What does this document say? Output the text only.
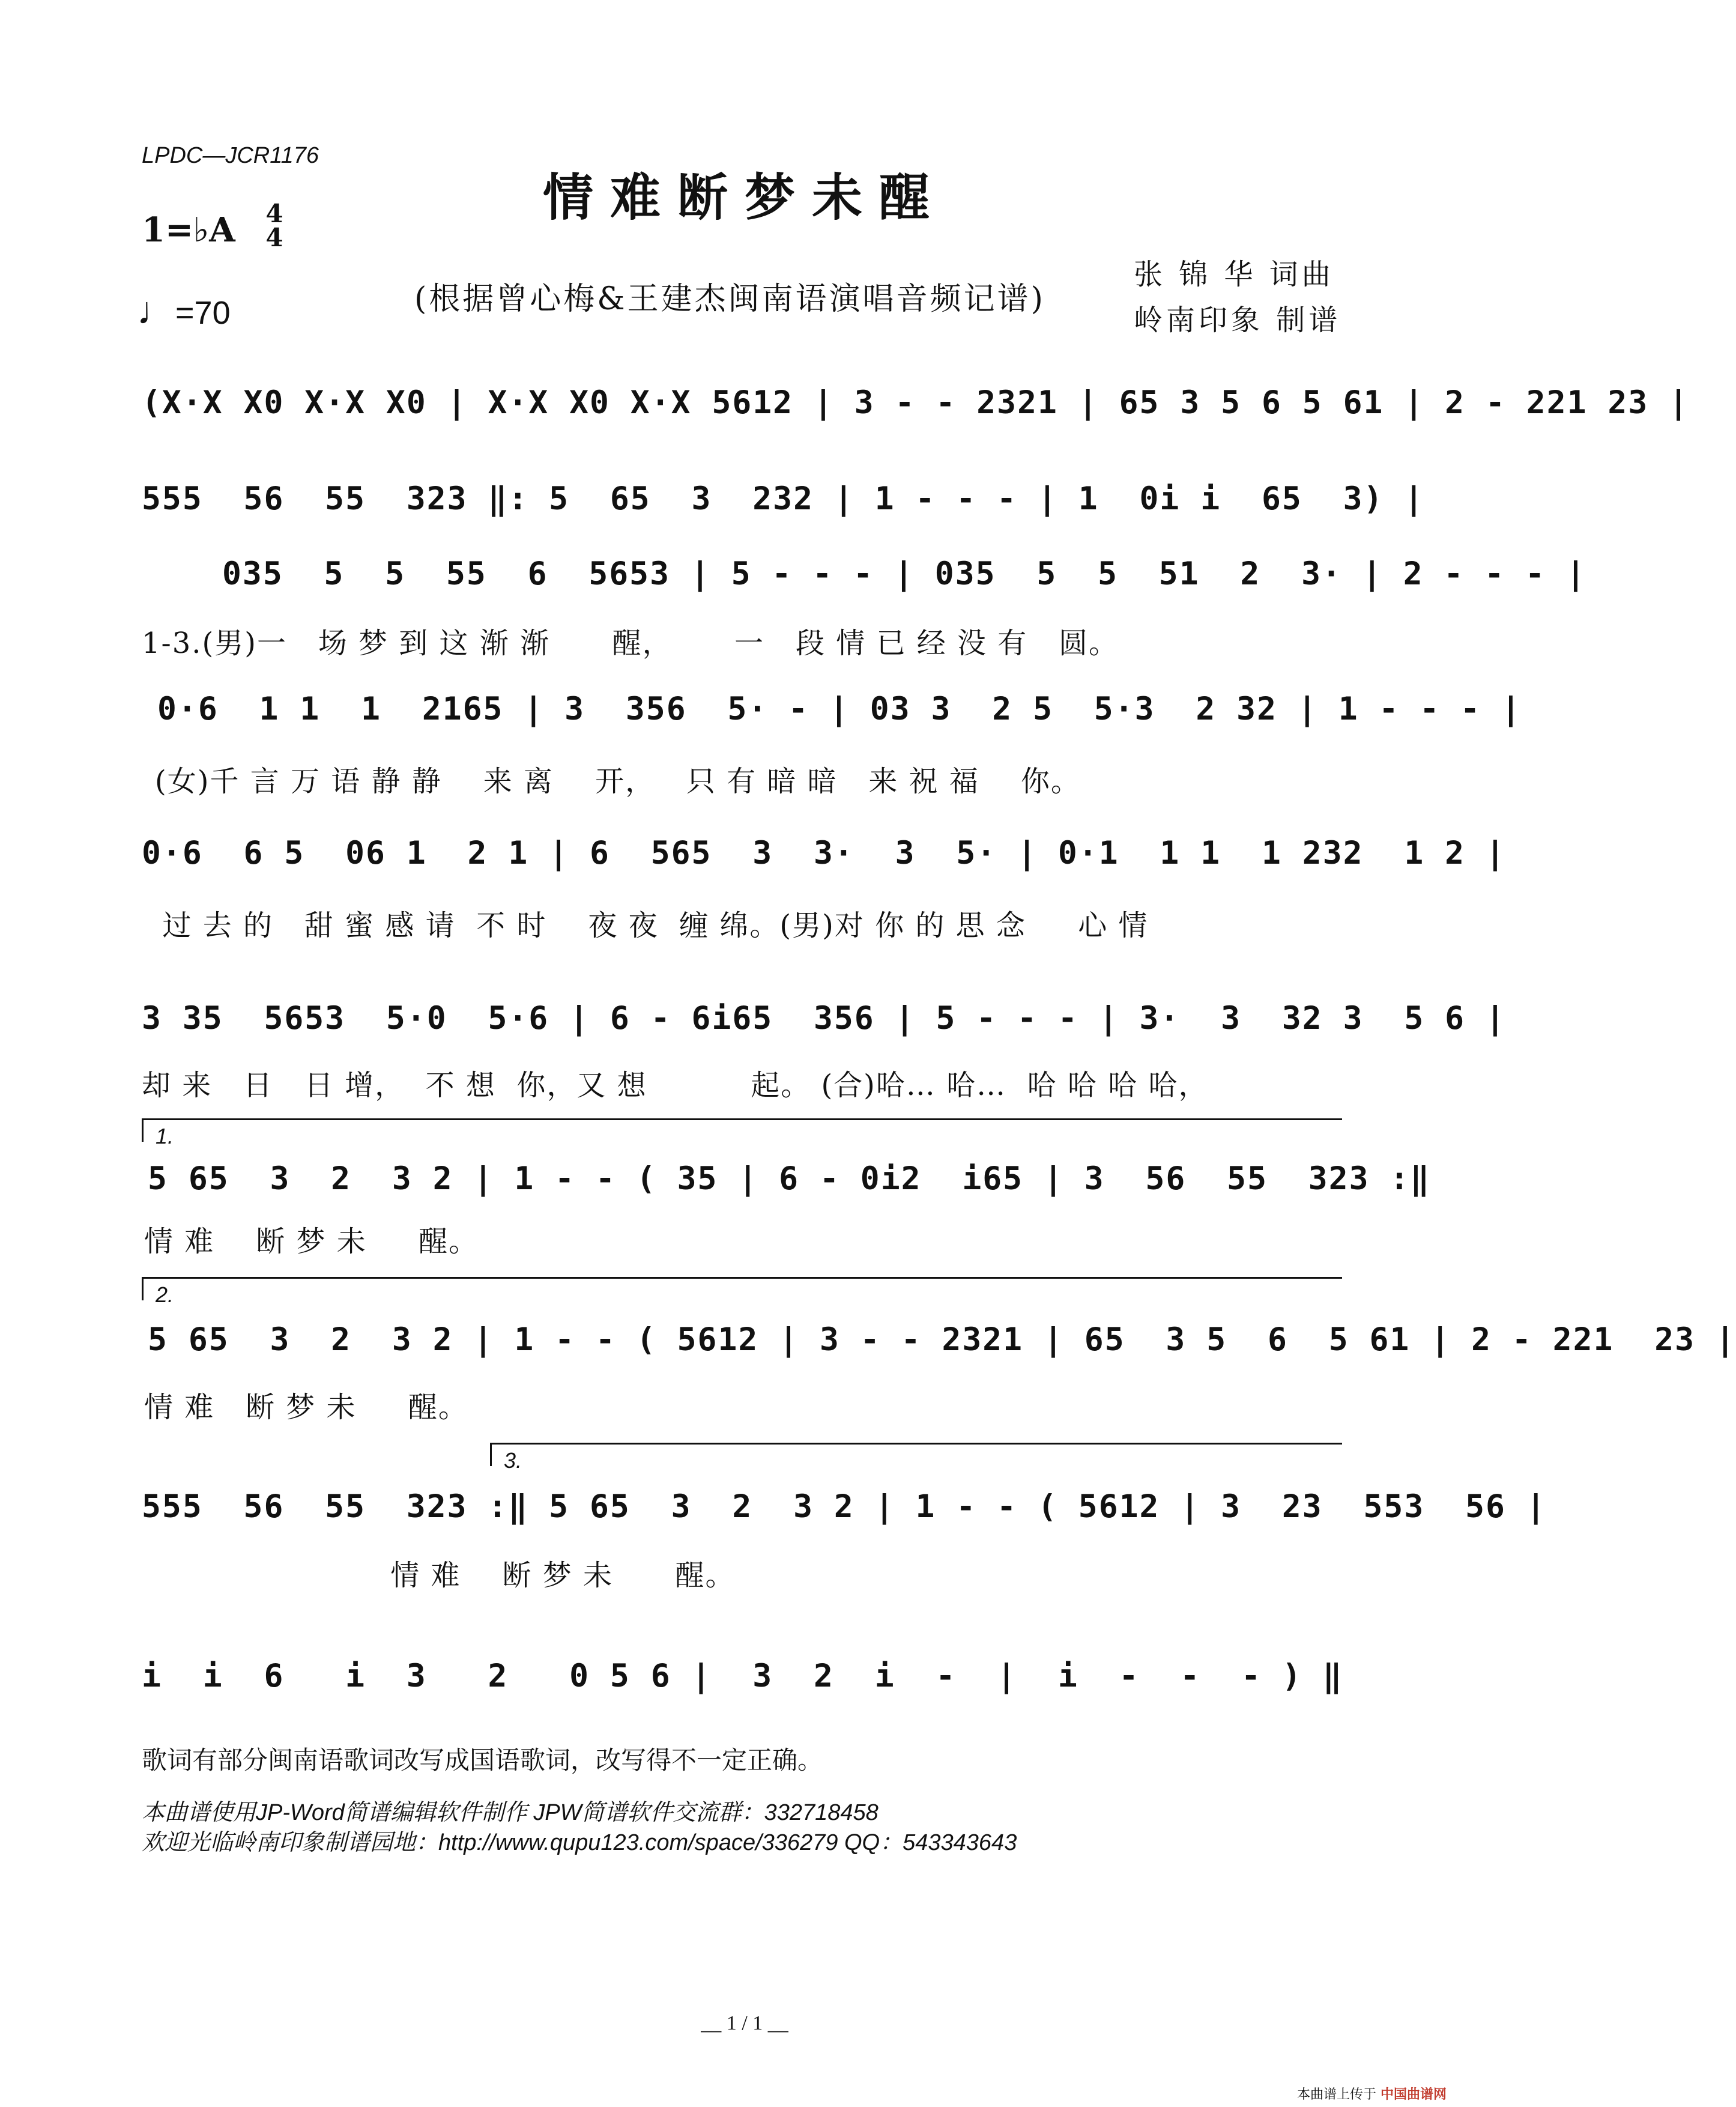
LPDC—JCR1176
情难断梦未醒
1=♭A 4
4
♩=70	(根据曾心梅&王建杰闽南语演唱音频记谱)
张 锦 华 词曲
岭南印象 制谱
(X·X X0 X·X X0 | X·X X0 X·X 5612 | 3 - - 2321 | 65 3 5 6 5 61 | 2 - 221 23 |
555  56  55  323 ‖: 5  65  3  232 | 1 - - - | 1  0i i  65  3) |
035  5  5  55  6  5653 | 5 - - - | 035  5  5  51  2  3· | 2 - - - |
1-3.(男)一   场 梦 到 这 渐 渐      醒，      一   段 情 已 经 没 有   圆。
0·6  1 1  1  2165 | 3  356  5· - | 03 3  2 5  5·3  2 32 | 1 - - - |
(女)千 言 万 语 静 静    来 离    开，   只 有 暗 暗   来 祝 福    你。
0·6  6 5  06 1  2 1 | 6  565  3  3·  3  5· | 0·1  1 1  1 232  1 2 |
过 去 的   甜 蜜 感 请  不 时    夜 夜  缠 绵。(男)对 你 的 思 念     心 情
3 35  5653  5·0  5·6 | 6 - 6i65  356 | 5 - - - | 3·  3  32 3  5 6 |
却 来   日   日 增，  不 想  你，又 想          起。 (合)哈… 哈…  哈 哈 哈 哈，
1.
5 65  3  2  3 2 | 1 - - ( 35 | 6 - 0i2  i65 | 3  56  55  323 :‖
情 难    断 梦 未     醒。
2.
5 65  3  2  3 2 | 1 - - ( 5612 | 3 - - 2321 | 65  3 5  6  5 61 | 2 - 221  23 |
情 难   断 梦 未     醒。
3.
555  56  55  323 :‖ 5 65  3  2  3 2 | 1 - - ( 5612 | 3  23  553  56 |
情 难    断 梦 未      醒。
i  i  6   i  3   2   0 5 6 |  3  2  i  -  |  i  -  -  - ) ‖
歌词有部分闽南语歌词改写成国语歌词，改写得不一定正确。
本曲谱使用JP-Word简谱编辑软件制作 JPW简谱软件交流群：332718458
欢迎光临岭南印象制谱园地：http://www.qupu123.com/space/336279 QQ：543343643
__ 1 / 1 __
本曲谱上传于 中国曲谱网
